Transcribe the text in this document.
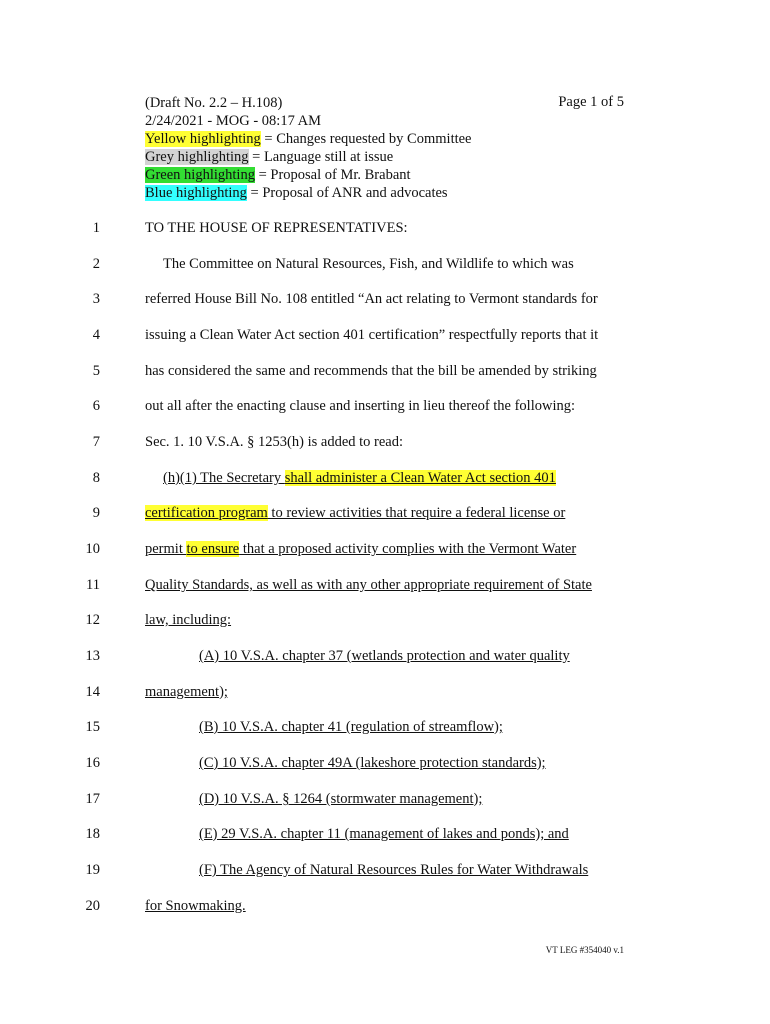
(Draft No. 2.2 – H.108)	Page 1 of 5
2/24/2021 - MOG - 08:17 AM
Yellow highlighting = Changes requested by Committee
Grey highlighting = Language still at issue
Green highlighting = Proposal of Mr. Brabant
Blue highlighting = Proposal of ANR and advocates
1	TO THE HOUSE OF REPRESENTATIVES:
2	The Committee on Natural Resources, Fish, and Wildlife to which was
3	referred House Bill No. 108 entitled “An act relating to Vermont standards for
4	issuing a Clean Water Act section 401 certification” respectfully reports that it
5	has considered the same and recommends that the bill be amended by striking
6	out all after the enacting clause and inserting in lieu thereof the following:
7	Sec. 1. 10 V.S.A. § 1253(h) is added to read:
8	(h)(1) The Secretary shall administer a Clean Water Act section 401
9	certification program to review activities that require a federal license or
10	permit to ensure that a proposed activity complies with the Vermont Water
11	Quality Standards, as well as with any other appropriate requirement of State
12	law, including:
13	(A) 10 V.S.A. chapter 37 (wetlands protection and water quality
14	management);
15	(B) 10 V.S.A. chapter 41 (regulation of streamflow);
16	(C) 10 V.S.A. chapter 49A (lakeshore protection standards);
17	(D) 10 V.S.A. § 1264 (stormwater management);
18	(E) 29 V.S.A. chapter 11 (management of lakes and ponds); and
19	(F) The Agency of Natural Resources Rules for Water Withdrawals
20	for Snowmaking.
VT LEG #354040 v.1
